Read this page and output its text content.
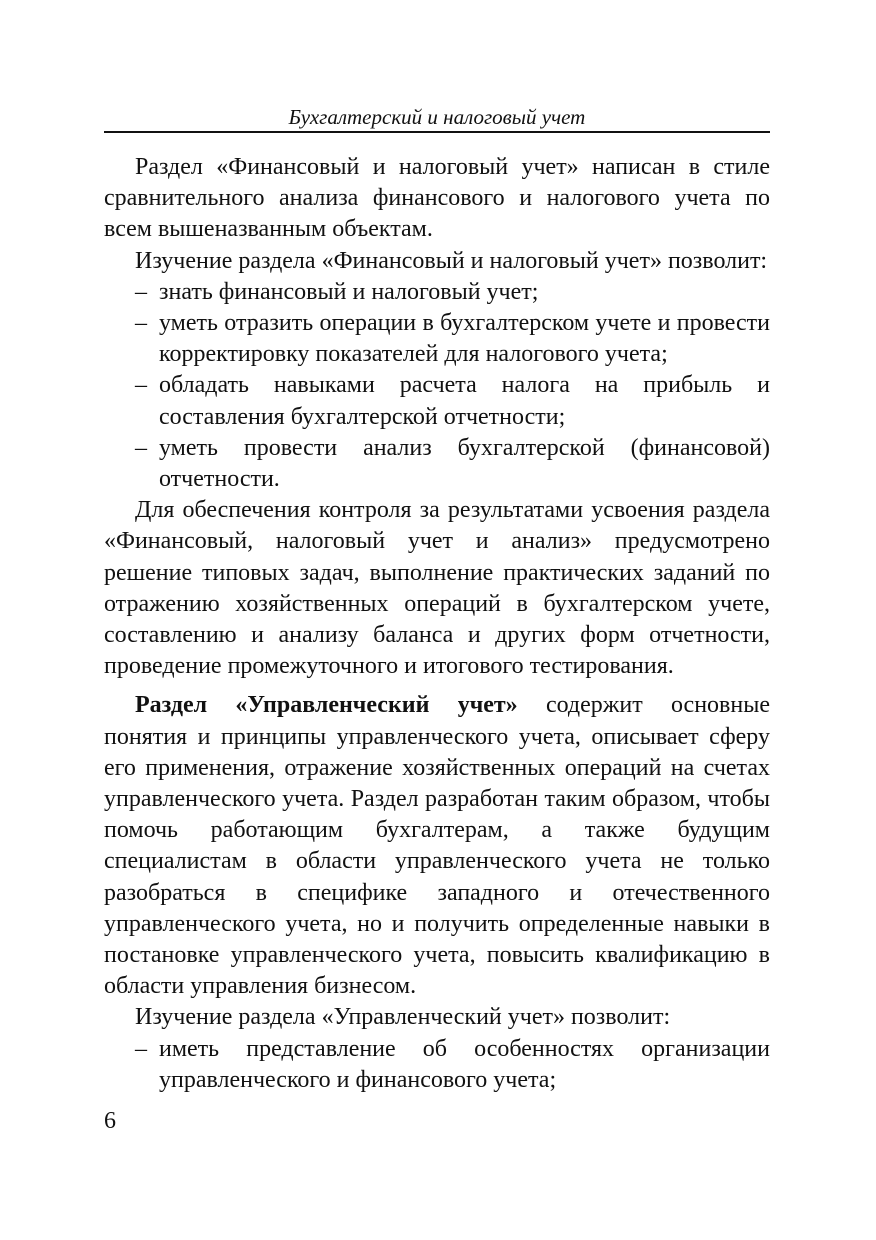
Бухгалтерский и налоговый учет

Раздел «Финансовый и налоговый учет» написан в стиле сравнительного анализа финансового и налогового учета по всем вышеназванным объектам.

Изучение раздела «Финансовый и налоговый учет» позволит:

– знать финансовый и налоговый учет;
– уметь отразить операции в бухгалтерском учете и провести корректировку показателей для налогового учета;
– обладать навыками расчета налога на прибыль и составления бухгалтерской отчетности;
– уметь провести анализ бухгалтерской (финансовой) отчетности.

Для обеспечения контроля за результатами усвоения раздела «Финансовый, налоговый учет и анализ» предусмотрено решение типовых задач, выполнение практических заданий по отражению хозяйственных операций в бухгалтерском учете, составлению и анализу баланса и других форм отчетности, проведение промежуточного и итогового тестирования.

Раздел «Управленческий учет» содержит основные понятия и принципы управленческого учета, описывает сферу его применения, отражение хозяйственных операций на счетах управленческого учета. Раздел разработан таким образом, чтобы помочь работающим бухгалтерам, а также будущим специалистам в области управленческого учета не только разобраться в специфике западного и отечественного управленческого учета, но и получить определенные навыки в постановке управленческого учета, повысить квалификацию в области управления бизнесом.

Изучение раздела «Управленческий учет» позволит:

– иметь представление об особенностях организации управленческого и финансового учета;
6
